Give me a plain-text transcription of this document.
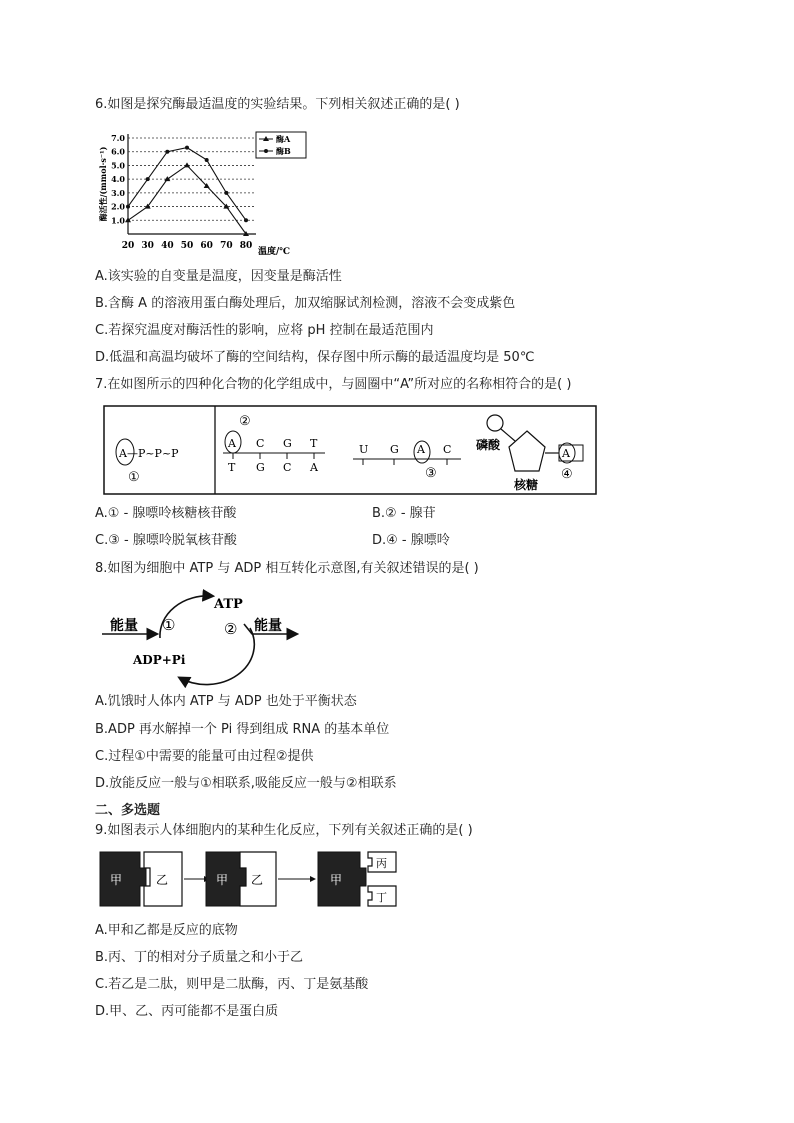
6.如图是探究酶最适温度的实验结果。下列相关叙述正确的是( )
酶活性/(mmol·s⁻¹) 1.0
2.0
3.0
4.0
5.0
6.0
7.0
20 30 40 50 60 70 80
温度/℃
酶A
酶B
A.该实验的自变量是温度，因变量是酶活性
B.含酶 A 的溶液用蛋白酶处理后，加双缩脲试剂检测，溶液不会变成紫色
C.若探究温度对酶活性的影响，应将 pH 控制在最适范围内
D.低温和高温均破坏了酶的空间结构，保存图中所示酶的最适温度均是 50℃
7.在如图所示的四种化合物的化学组成中，与圆圈中“A”所对应的名称相符合的是( )
A—P~P~P
①
②
A C G T
T G C A
U G A C
③
磷酸
A
④
核糖
A.① - 腺嘌呤核糖核苷酸	B.② - 腺苷
C.③ - 腺嘌呤脱氧核苷酸	D.④ - 腺嘌呤
8.如图为细胞中 ATP 与 ADP 相互转化示意图,有关叙述错误的是( )
ATP
ADP+Pi
①	②
能量	能量
A.饥饿时人体内 ATP 与 ADP 也处于平衡状态
B.ADP 再水解掉一个 Pi 得到组成 RNA 的基本单位
C.过程①中需要的能量可由过程②提供
D.放能反应一般与①相联系,吸能反应一般与②相联系
二、多选题
9.如图表示人体细胞内的某种生化反应，下列有关叙述正确的是( )
甲	乙	甲 乙	甲
丙
丁
A.甲和乙都是反应的底物
B.丙、丁的相对分子质量之和小于乙
C.若乙是二肽，则甲是二肽酶，丙、丁是氨基酸
D.甲、乙、丙可能都不是蛋白质
